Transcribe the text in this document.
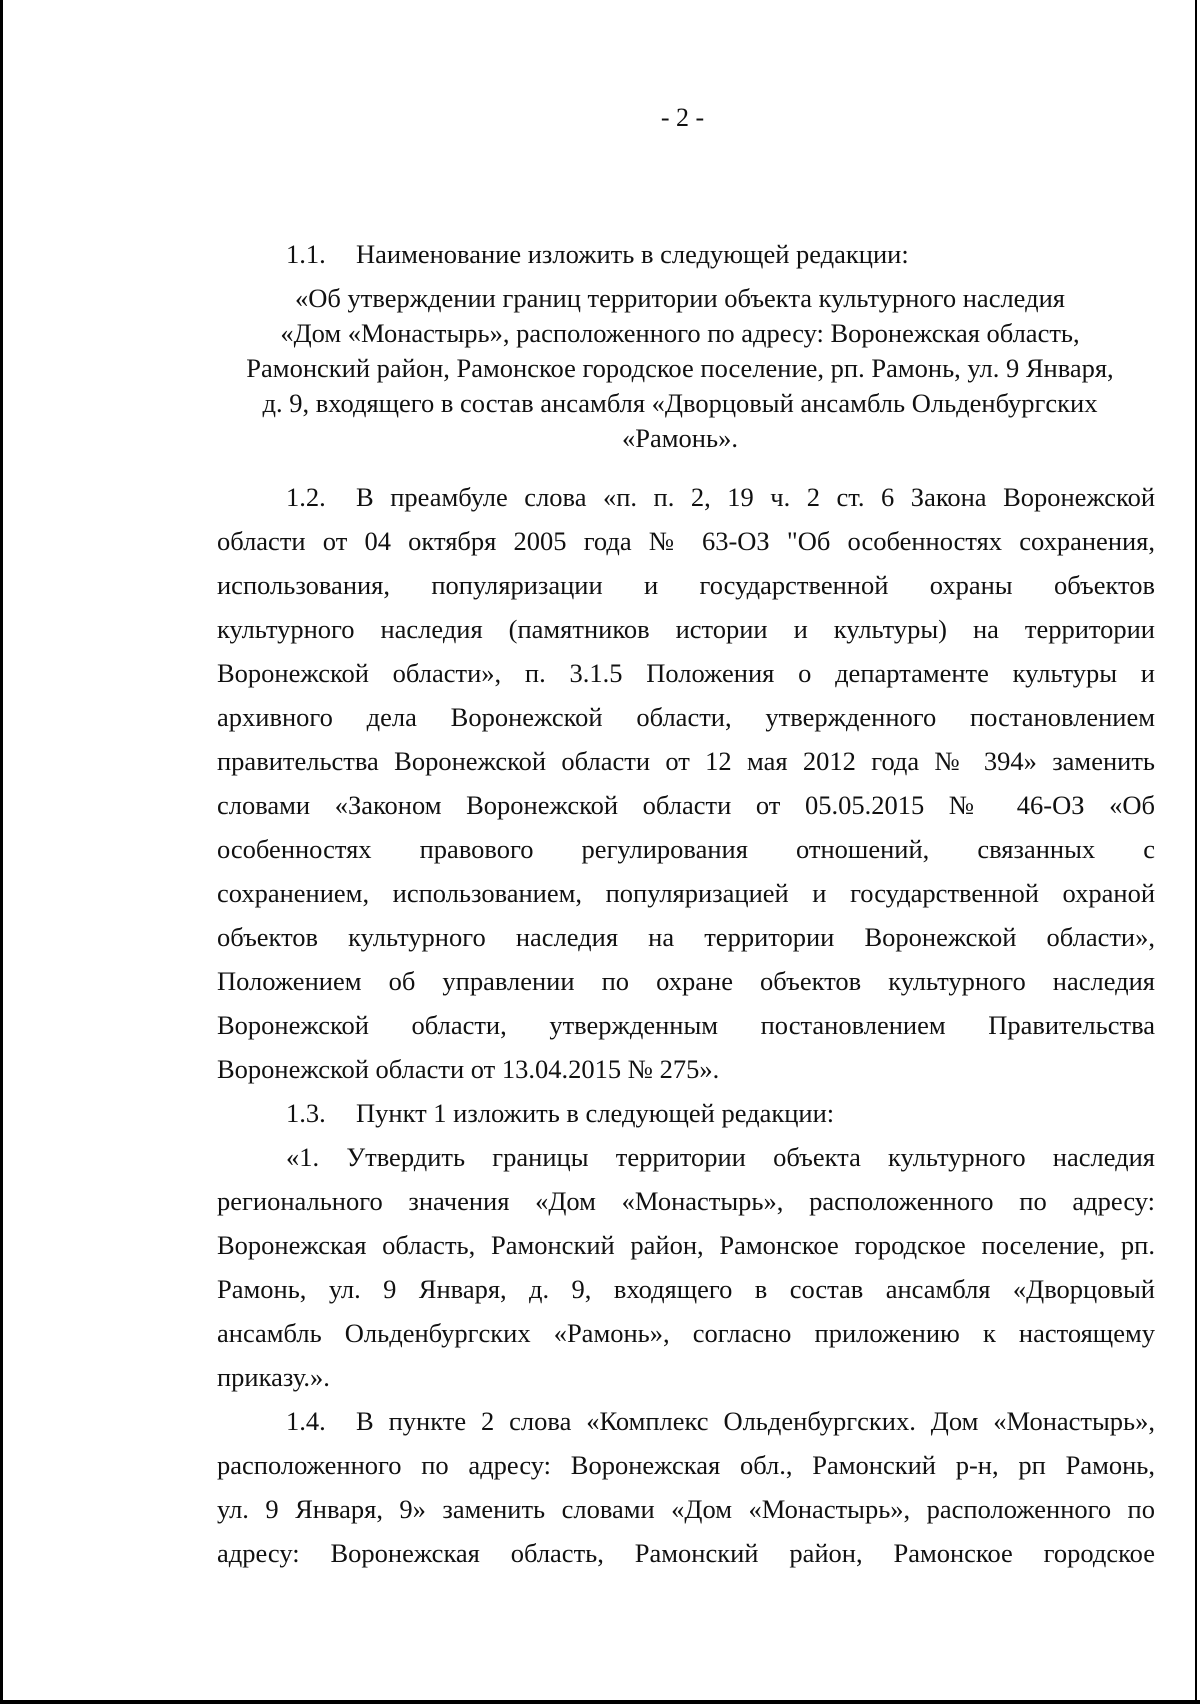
- 2 -
1.1. Наименование изложить в следующей редакции:
«Об утверждении границ территории объекта культурного наследия
«Дом «Монастырь», расположенного по адресу: Воронежская область,
Рамонский район, Рамонское городское поселение, рп. Рамонь, ул. 9 Января,
д. 9, входящего в состав ансамбля «Дворцовый ансамбль Ольденбургских
«Рамонь».
1.2. В преамбуле слова «п. п. 2, 19 ч. 2 ст. 6 Закона Воронежской
области от 04 октября 2005 года № 63-ОЗ "Об особенностях сохранения,
использования, популяризации и государственной охраны объектов
культурного наследия (памятников истории и культуры) на территории
Воронежской области», п. 3.1.5 Положения о департаменте культуры и
архивного дела Воронежской области, утвержденного постановлением
правительства Воронежской области от 12 мая 2012 года № 394» заменить
словами «Законом Воронежской области от 05.05.2015 № 46-ОЗ «Об
особенностях правового регулирования отношений, связанных с
сохранением, использованием, популяризацией и государственной охраной
объектов культурного наследия на территории Воронежской области»,
Положением об управлении по охране объектов культурного наследия
Воронежской области, утвержденным постановлением Правительства
Воронежской области от 13.04.2015 № 275».
1.3. Пункт 1 изложить в следующей редакции:
«1. Утвердить границы территории объекта культурного наследия
регионального значения «Дом «Монастырь», расположенного по адресу:
Воронежская область, Рамонский район, Рамонское городское поселение, рп.
Рамонь, ул. 9 Января, д. 9, входящего в состав ансамбля «Дворцовый
ансамбль Ольденбургских «Рамонь», согласно приложению к настоящему
приказу.».
1.4. В пункте 2 слова «Комплекс Ольденбургских. Дом «Монастырь»,
расположенного по адресу: Воронежская обл., Рамонский р-н, рп Рамонь,
ул. 9 Января, 9» заменить словами «Дом «Монастырь», расположенного по
адресу: Воронежская область, Рамонский район, Рамонское городское
